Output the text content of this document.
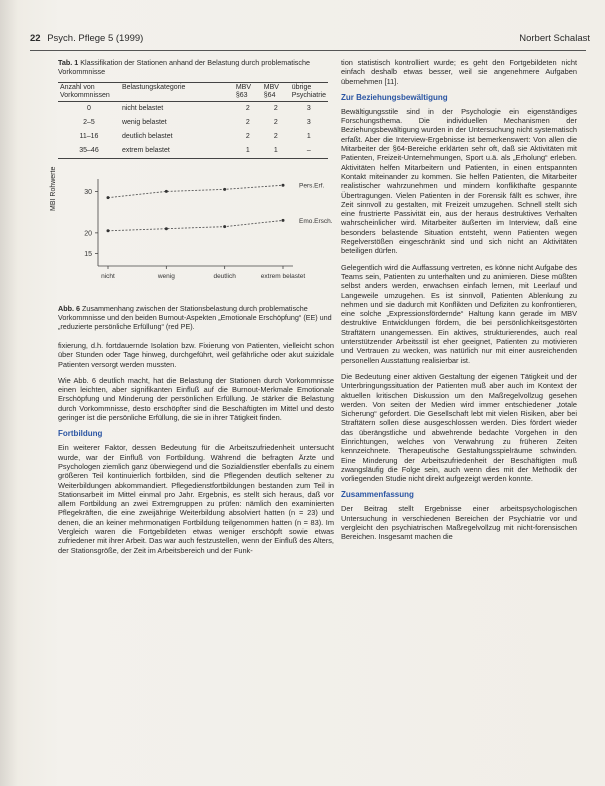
22 Psych. Pflege 5 (1999)	Norbert Schalast
Tab. 1 Klassifikation der Stationen anhand der Belastung durch problematische Vorkommnisse
Anzahl von Vorkommnissen	Belastungskategorie	MBV §63	MBV §64	übrige Psychiatrie
0	nicht belastet	2	2	3
2–5	wenig belastet	2	2	3
11–16	deutlich belastet	2	2	1
35–46	extrem belastet	1	1	–
MBI Rohwerte	30
20
15
nicht	wenig	deutlich	extrem belastet
Pers.Erf.
Emo.Ersch.
Abb. 6 Zusammenhang zwischen der Stationsbelastung durch problematische Vorkommnisse und den beiden Burnout-Aspekten „Emotionale Erschöpfung“ (EE) und „reduzierte persönliche Erfüllung“ (red PE).

fixierung, d.h. fortdauernde Isolation bzw. Fixierung von Patienten, vielleicht schon über Stunden oder Tage hinweg, durchgeführt, weil gefährliche oder akut suizidale Patienten versorgt werden mussten.

Wie Abb. 6 deutlich macht, hat die Belastung der Stationen durch Vorkommnisse einen leichten, aber signifikanten Einfluß auf die Burnout-Merkmale Emotionale Erschöpfung und Minderung der persönlichen Erfüllung. Je stärker die Belastung durch Vorkommnisse, desto erschöpfter sind die Beschäftigten im Mittel und desto geringer ist die persönliche Erfüllung, die sie in ihrer Tätigkeit finden.

Fortbildung

Ein weiterer Faktor, dessen Bedeutung für die Arbeitszufriedenheit untersucht wurde, war der Einfluß von Fortbildung. Während die befragten Ärzte und Psychologen ziemlich ganz überwiegend und die Sozialdienstler ebenfalls zu einem größeren Teil kontinuierlich fortbilden, sind die Pflegenden deutlich seltener zu Weiterbildungen abkommandiert. Pflegedienstfortbildungen bestanden zum Teil in Stationsarbeit im Mittel einmal pro Jahr. Ergebnis, es stellt sich heraus, daß vor allem Fortbildung an zwei Extremgruppen zu prüfen: nämlich den examinierten Pflegekräften, die eine zweijährige Weiterbildung absolviert hatten (n = 23) und denen, die an keiner mehrmonatigen Fortbildung teilgenommen hatten (n = 83). Im Vergleich waren die Fortgebildeten etwas weniger erschöpft sowie etwas zufriedener mit ihrer Arbeit. Das war auch festzustellen, wenn der Einfluß des Alters, der Stationsgröße, der Zeit im Arbeitsbereich und der Funk-

tion statistisch kontrolliert wurde; es geht den Fortgebildeten nicht einfach deshalb etwas besser, weil sie angenehmere Aufgaben übernehmen [11].

Zur Beziehungsbewältigung

Bewältigungsstile sind in der Psychologie ein eigenständiges Forschungsthema. Die individuellen Mechanismen der Beziehungsbewältigung wurden in der Untersuchung nicht systematisch erfaßt. Aber die Interview-Ergebnisse ist bemerkenswert: Von allen die Mitarbeiter der §64-Bereiche erklärten sehr oft, daß sie Aktivitäten mit Patienten, Freizeit-Unternehmungen, Sport u.ä. als „Erholung“ erleben. Aktivitäten helfen Mitarbeitern und Patienten, in einen entspannten Kontakt miteinander zu kommen. Sie helfen Patienten, die Mitarbeiter realistischer wahrzunehmen und mindern konflikthafte gespannte Übertragungen. Vielen Patienten in der Forensik fällt es schwer, ihre Zeit sinnvoll zu gestalten, mit Freizeit umzugehen. Schnell stellt sich eine frustrierte Passivität ein, aus der heraus destruktives Verhalten wahrscheinlicher wird. Mitarbeiter äußerten im Interview, daß eine besonders belastende Situation entsteht, wenn Patienten wegen Regelverstößen eingeschränkt sind und sich nicht an Aktivitäten beteiligen dürfen.

Gelegentlich wird die Auffassung vertreten, es könne nicht Aufgabe des Teams sein, Patienten zu unterhalten und zu animieren. Diese müßten selbst anders werden, erwachsen einfach lernen, mit Leerlauf und Langeweile umzugehen. Es ist sinnvoll, Patienten Ablenkung zu nehmen und sie dadurch mit Konflikten und Defiziten zu konfrontieren, eine solche „Expressionsfördernde“ Haltung kann gerade im MBV destruktive Entwicklungen fördern, die bei persönlichkeitsgestörten Straftätern unangemessen. Ein aktives, strukturierendes, auch real unterstützender Arbeitsstil ist eher geeignet, Patienten zu motivieren und Vertrauen zu wecken, was natürlich nur mit einer ausreichenden personellen Ausstattung realisierbar ist.

Die Bedeutung einer aktiven Gestaltung der eigenen Tätigkeit und der Unterbringungssituation der Patienten muß aber auch im Kontext der aktuellen kritischen Diskussion um den Maßregelvollzug gesehen werden. Von seiten der Medien wird immer entschiedener „totale Sicherung“ gefordert. Die Gesellschaft lebt mit vielen Risiken, aber bei Straftätern sollen diese ausgeschlossen werden. Dies fördert wieder das überängstliche und abwehrende bedachte Vorgehen in den Einrichtungen, welches von Verwahrung zu früheren Zeiten kennzeichnete. Therapeutische Gestaltungsspielräume schwinden. Eine Minderung der Arbeitszufriedenheit der Beschäftigten muß zwangsläufig die Folge sein, auch wenn dies mit der Methodik der vorliegenden Studie nicht direkt aufgezeigt werden konnte.

Zusammenfassung

Der Beitrag stellt Ergebnisse einer arbeitspsychologischen Untersuchung in verschiedenen Bereichen der Psychiatrie vor und vergleicht den psychiatrischen Maßregelvollzug mit nicht-forensischen Bereichen. Insgesamt machen die
